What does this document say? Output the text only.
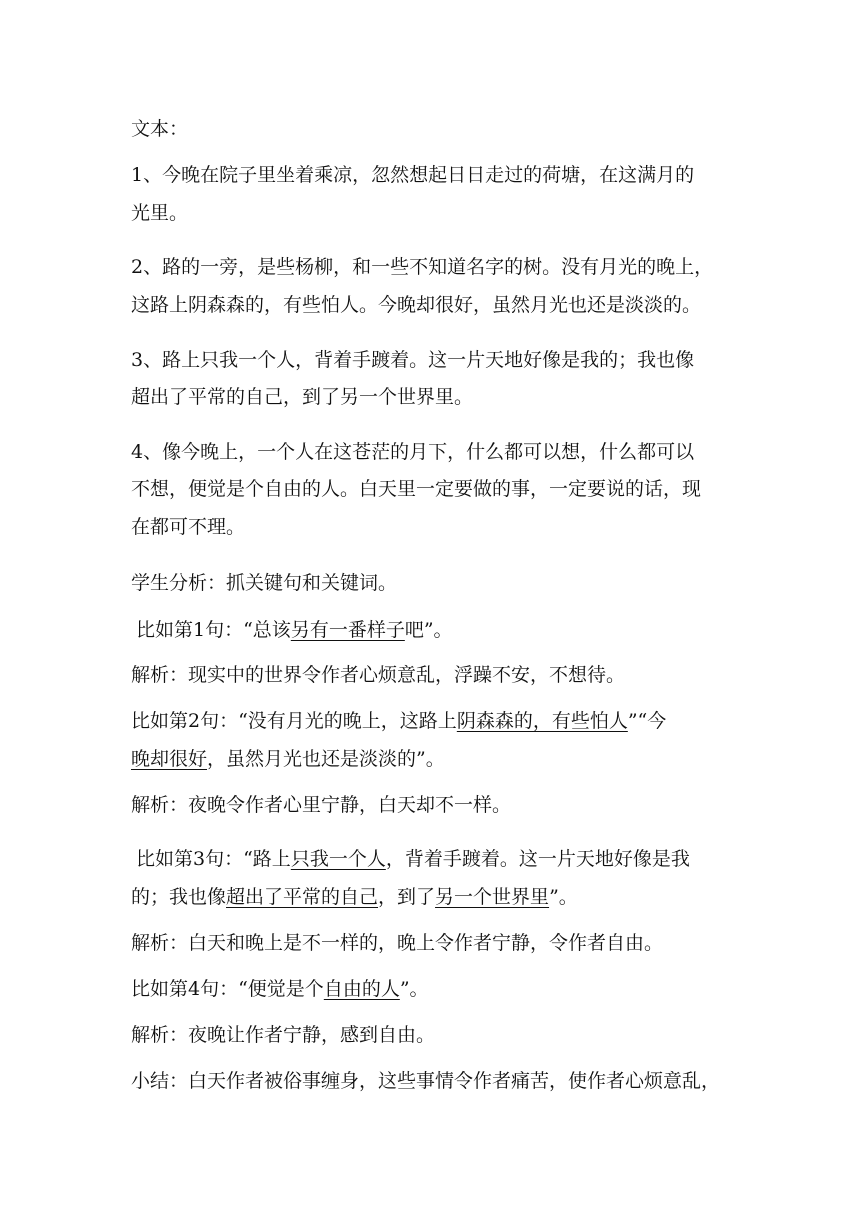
文本：

1、今晚在院子里坐着乘凉，忽然想起日日走过的荷塘，在这满月的

光里。

2、路的一旁，是些杨柳，和一些不知道名字的树。没有月光的晚上，

这路上阴森森的，有些怕人。今晚却很好，虽然月光也还是淡淡的。

3、路上只我一个人，背着手踱着。这一片天地好像是我的；我也像

超出了平常的自己，到了另一个世界里。

4、像今晚上，一个人在这苍茫的月下，什么都可以想，什么都可以

不想，便觉是个自由的人。白天里一定要做的事，一定要说的话，现

在都可不理。

学生分析：抓关键句和关键词。

比如第1句：“总该另有一番样子吧”。

解析：现实中的世界令作者心烦意乱，浮躁不安，不想待。

比如第2句：“没有月光的晚上，这路上阴森森的，有些怕人”“今

晚却很好，虽然月光也还是淡淡的”。

解析：夜晚令作者心里宁静，白天却不一样。

比如第3句：“路上只我一个人，背着手踱着。这一片天地好像是我

的；我也像超出了平常的自己，到了另一个世界里”。

解析：白天和晚上是不一样的，晚上令作者宁静，令作者自由。

比如第4句：“便觉是个自由的人”。

解析：夜晚让作者宁静，感到自由。

小结：白天作者被俗事缠身，这些事情令作者痛苦，使作者心烦意乱，
